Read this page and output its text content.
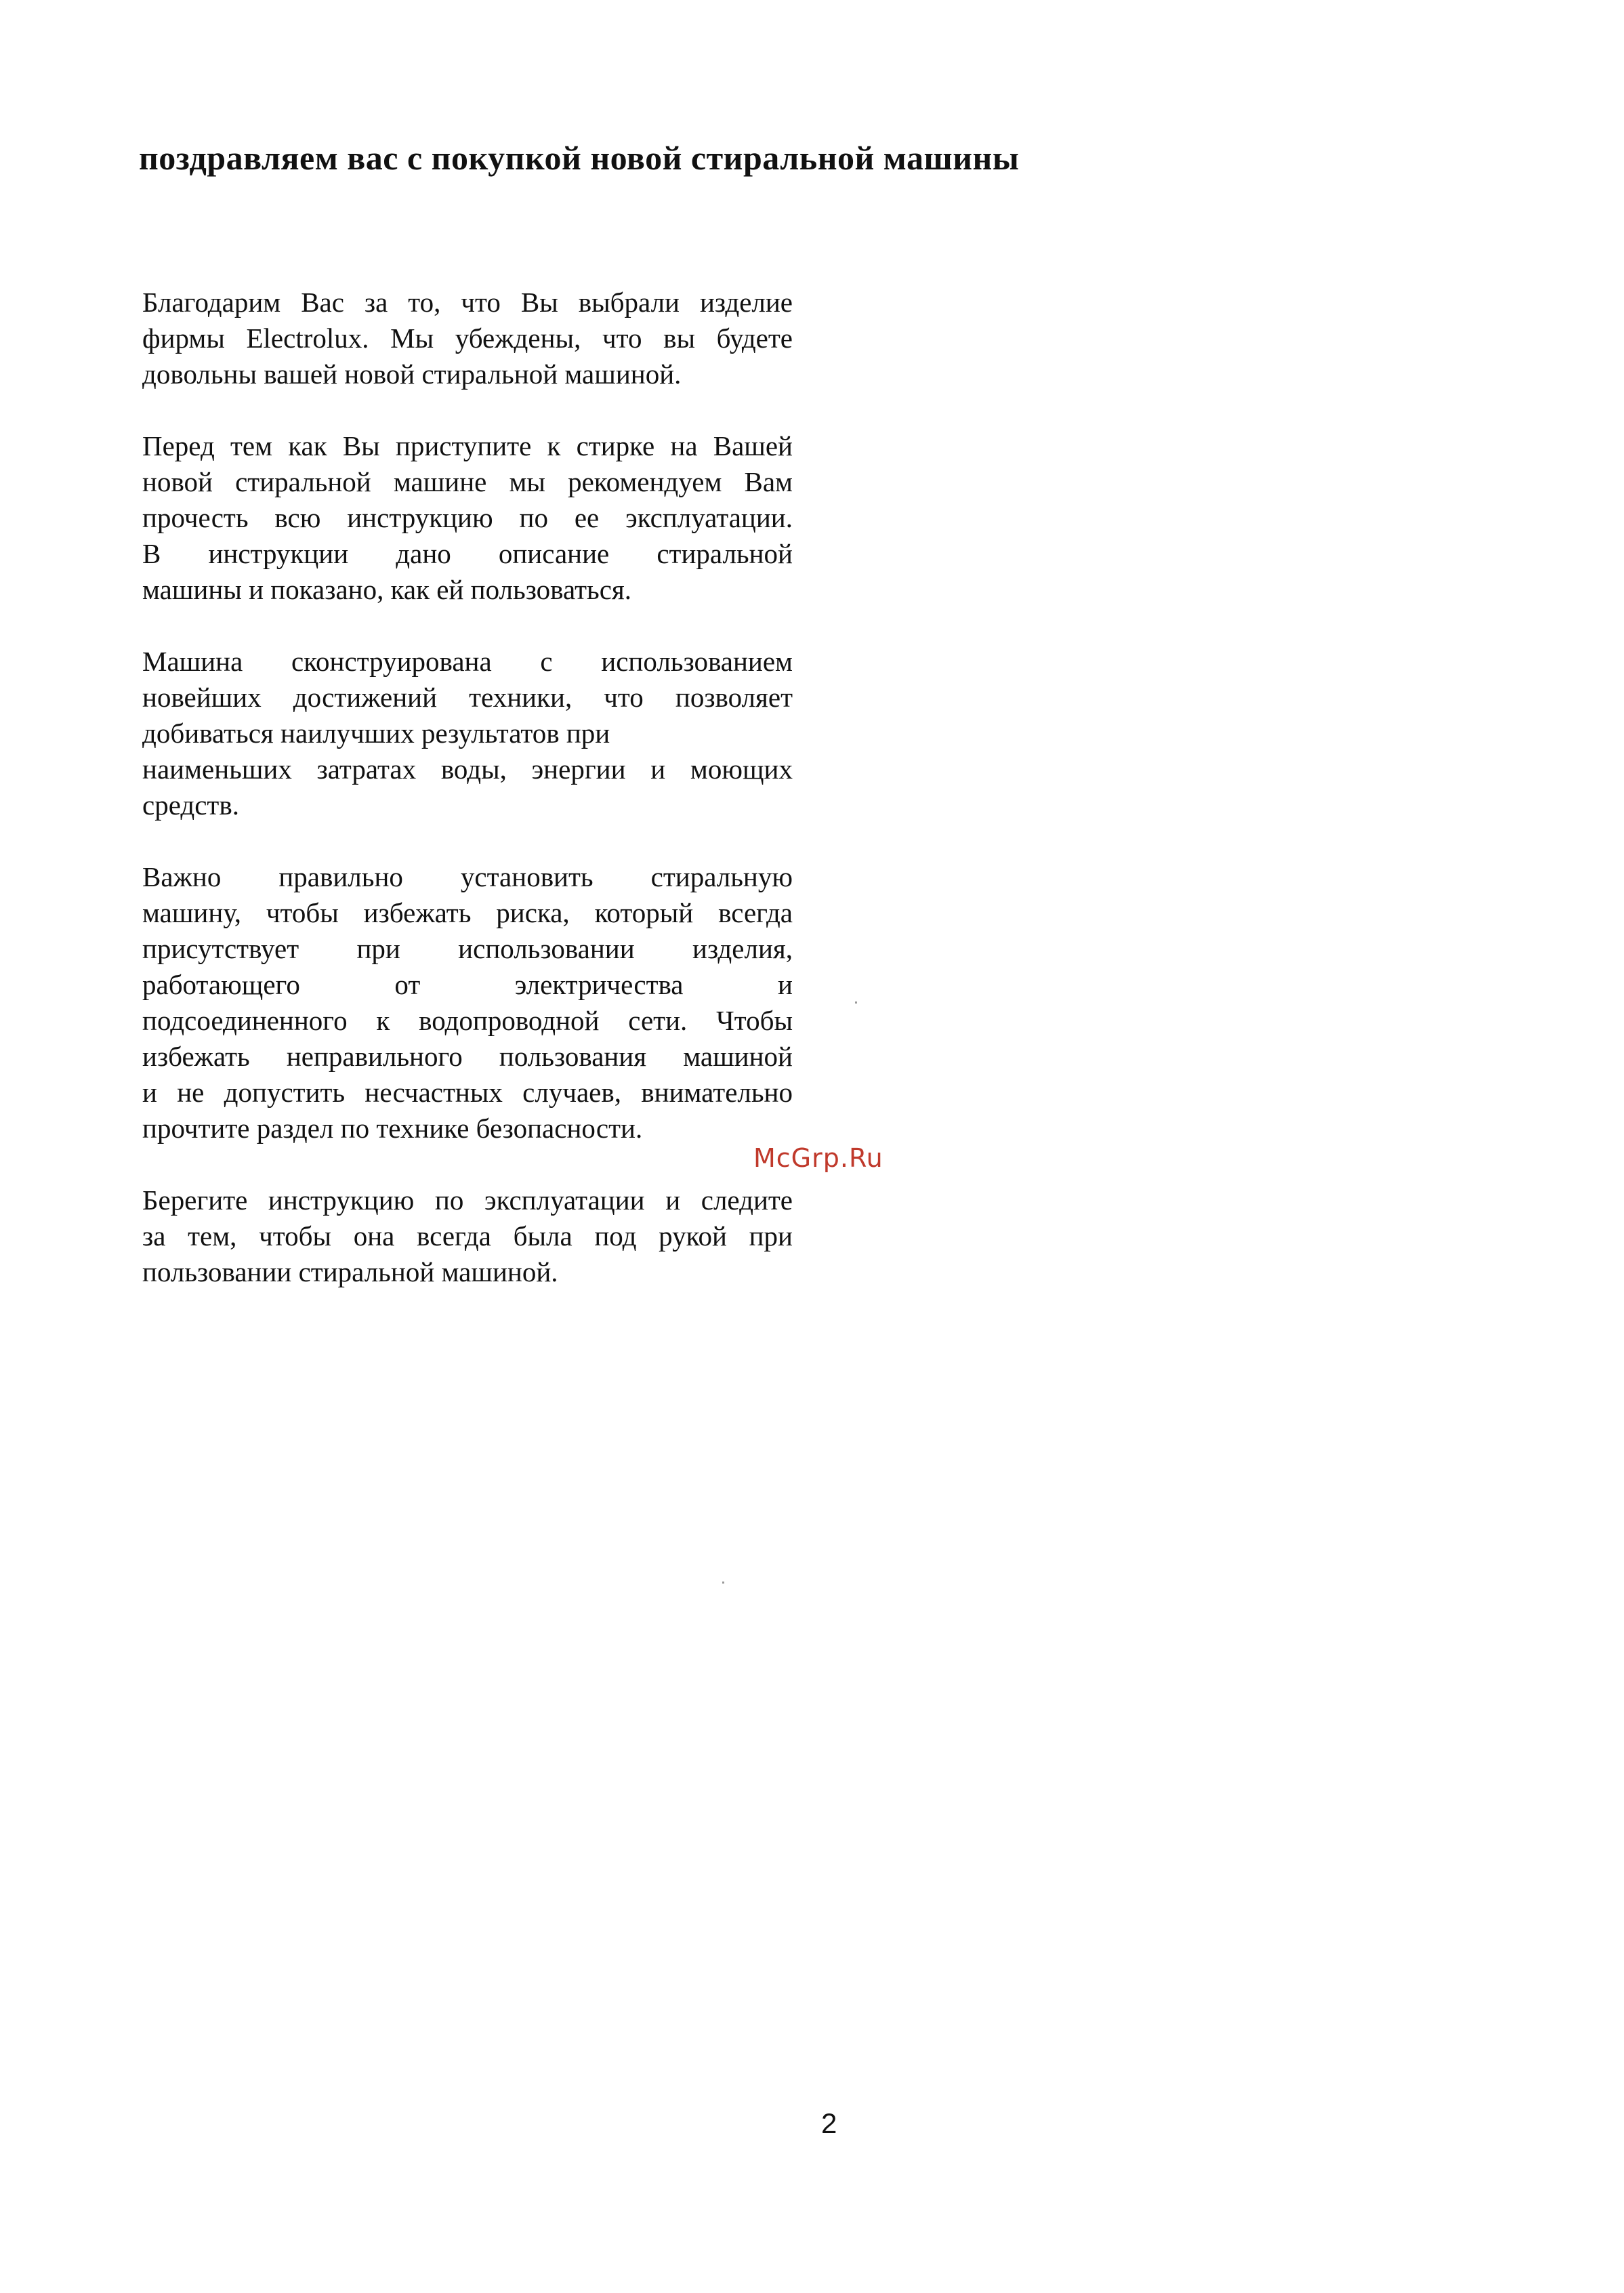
поздравляем вас с покупкой новой стиральной машины

Благодарим Вас за то, что Вы выбрали изделие
фирмы Electrolux. Мы убеждены, что вы будете
довольны вашей новой стиральной машиной.

Перед тем как Вы приступите к стирке на Вашей
новой стиральной машине мы рекомендуем Вам
прочесть всю инструкцию по ее эксплуатации.
В инструкции дано описание стиральной
машины и показано, как ей пользоваться.

Машина сконструирована с использованием
новейших достижений техники, что позволяет
добиваться наилучших результатов при
наименьших затратах воды, энергии и моющих
средств.

Важно правильно установить стиральную
машину, чтобы избежать риска, который всегда
присутствует при использовании изделия,
работающего от электричества и
подсоединенного к водопроводной сети. Чтобы
избежать неправильного пользования машиной
и не допустить несчастных случаев, внимательно
прочтите раздел по технике безопасности.

Берегите инструкцию по эксплуатации и следите
за тем, чтобы она всегда была под рукой при
пользовании стиральной машиной.

McGrp.Ru
2
